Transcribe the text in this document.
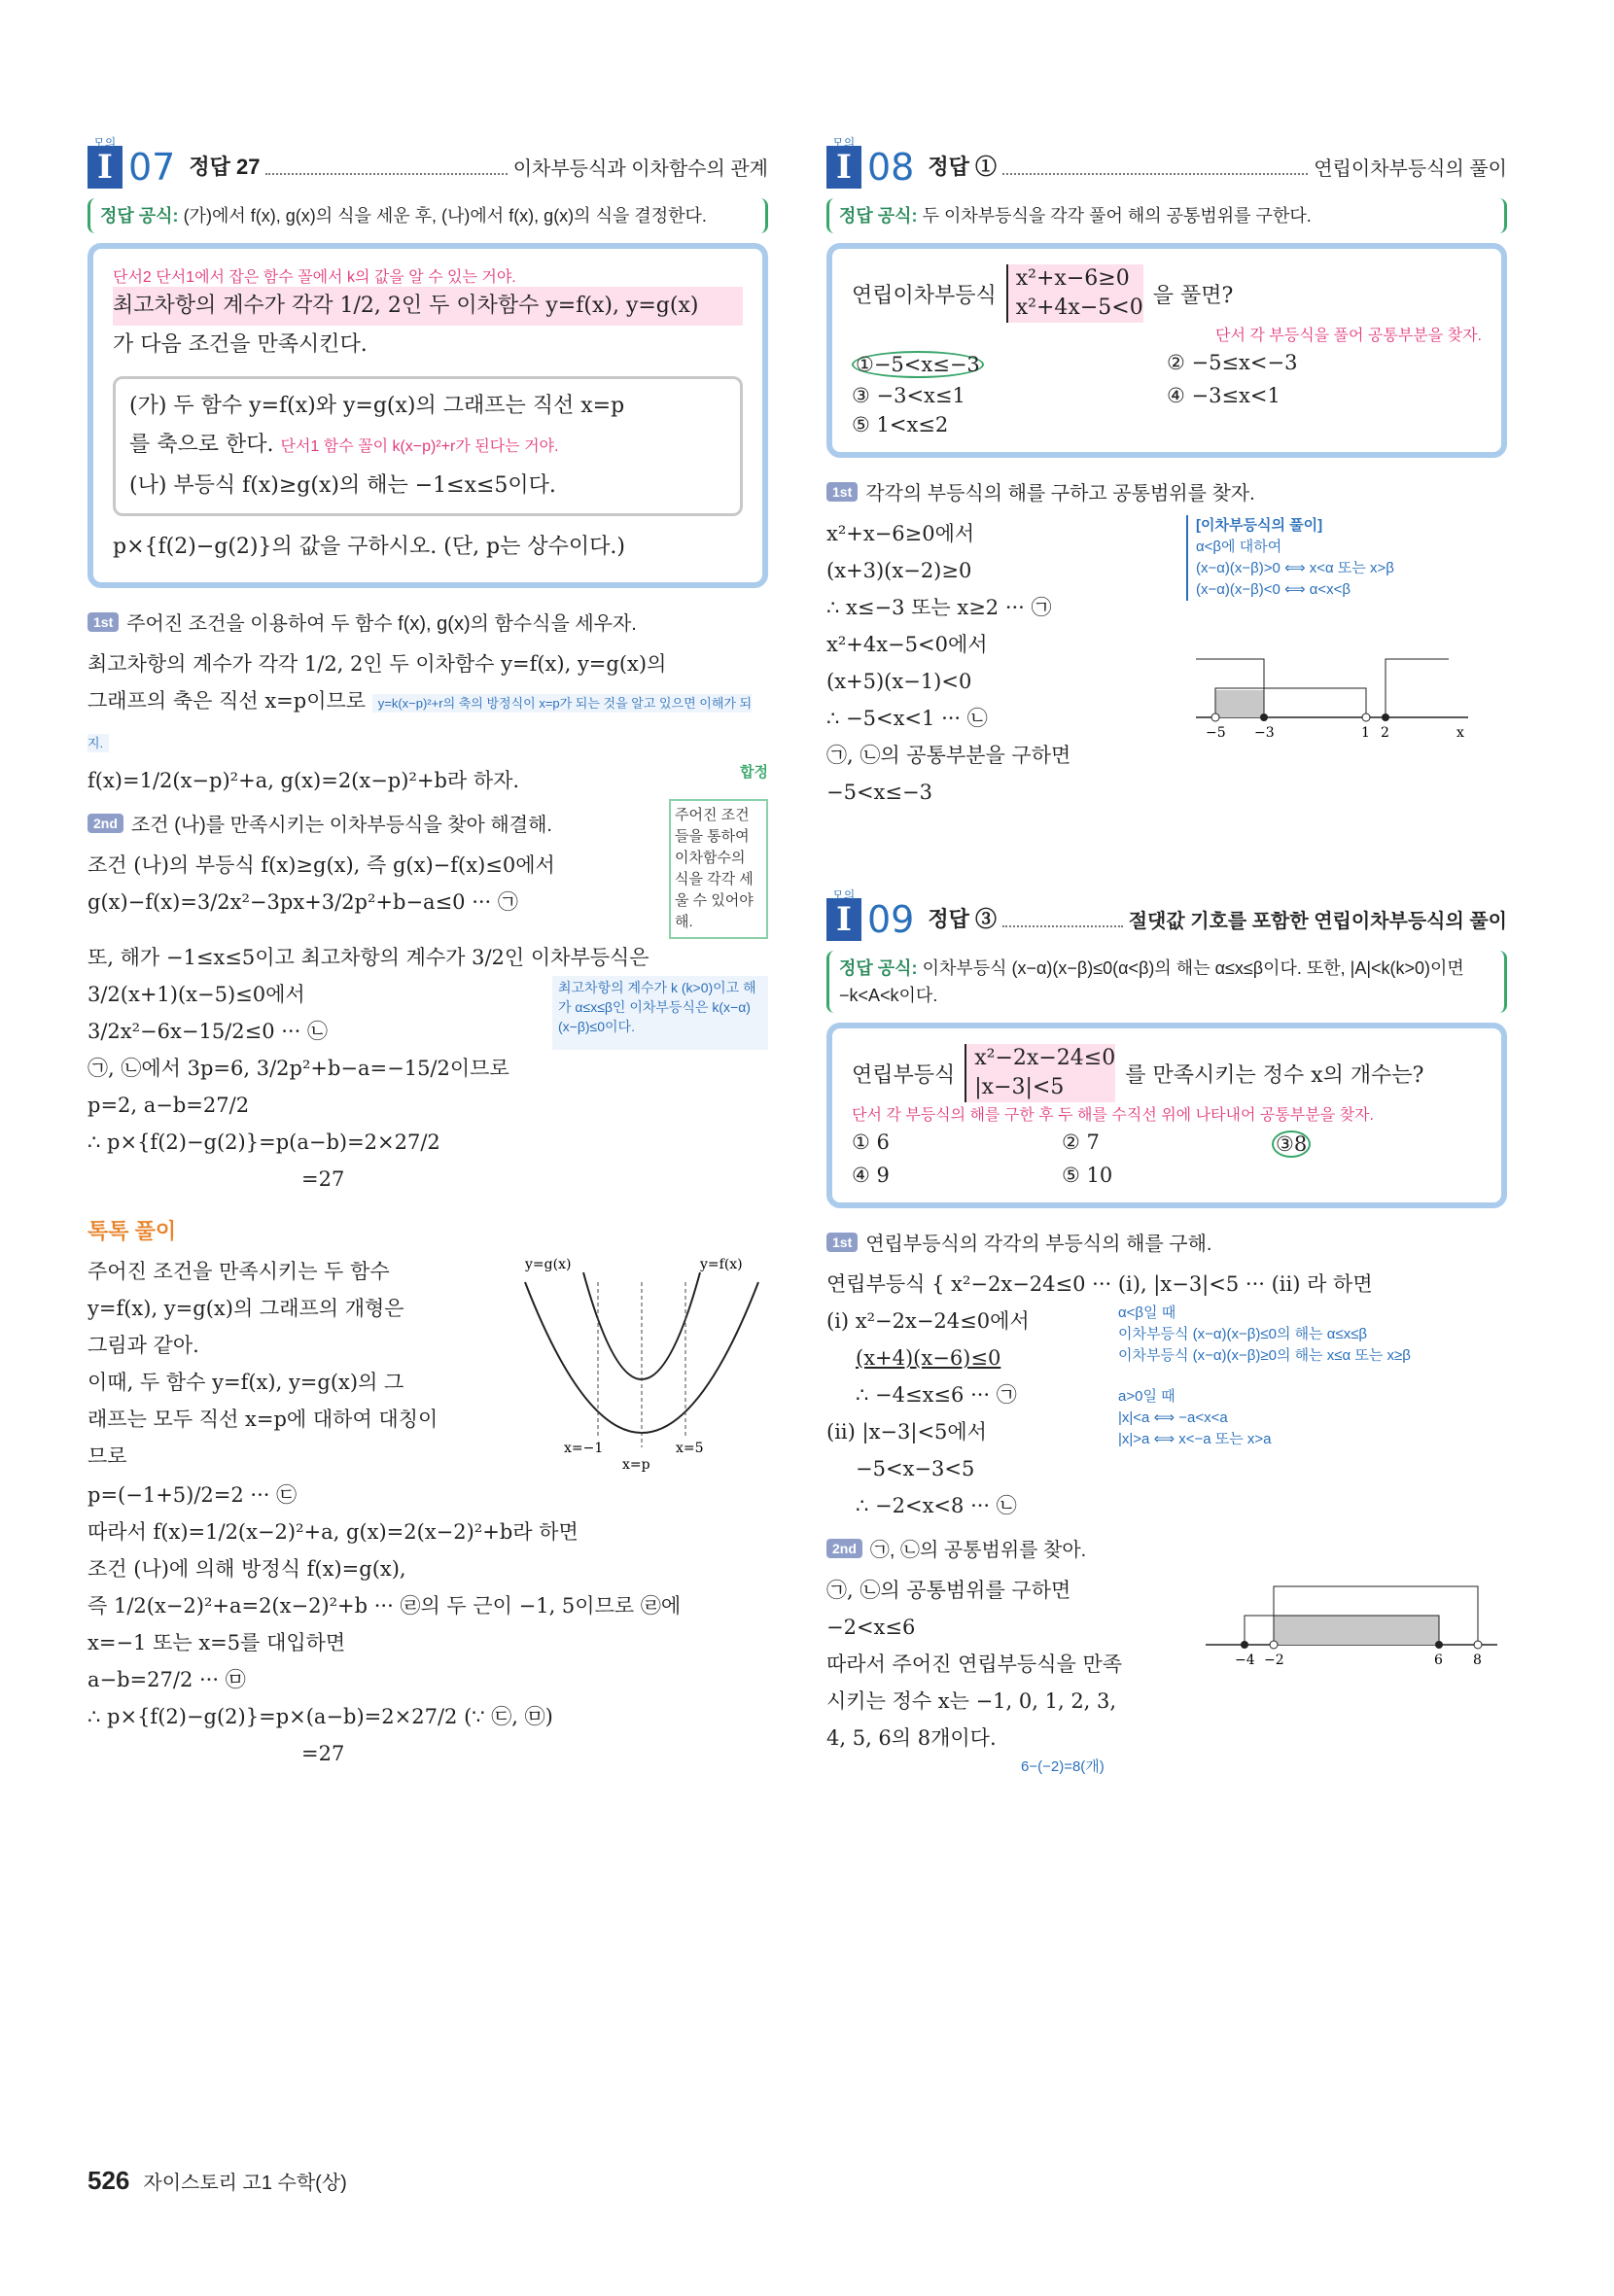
모의
I 07 정답 27	이차부등식과 이차함수의 관계
정답 공식: (가)에서 f(x), g(x)의 식을 세운 후, (나)에서 f(x), g(x)의 식을 결정한다.
단서2 단서1에서 잡은 함수 꼴에서 k의 값을 알 수 있는 거야.
최고차항의 계수가 각각 1/2, 2인 두 이차함수 y=f(x), y=g(x)
가 다음 조건을 만족시킨다.
(가) 두 함수 y=f(x)와 y=g(x)의 그래프는 직선 x=p
를 축으로 한다. 단서1 함수 꼴이 k(x−p)²+r가 된다는 거야.
(나) 부등식 f(x)≥g(x)의 해는 −1≤x≤5이다.
p×{f(2)−g(2)}의 값을 구하시오. (단, p는 상수이다.)
1st 주어진 조건을 이용하여 두 함수 f(x), g(x)의 함수식을 세우자.
최고차항의 계수가 각각 1/2, 2인 두 이차함수 y=f(x), y=g(x)의
그래프의 축은 직선 x=p이므로 y=k(x−p)²+r의 축의 방정식이 x=p가 되는 것을 알고 있으면 이해가 되지.
f(x)=1/2(x−p)²+a, g(x)=2(x−p)²+b라 하자.	합정
2nd 조건 (나)를 만족시키는 이차부등식을 찾아 해결해.
조건 (나)의 부등식 f(x)≥g(x), 즉 g(x)−f(x)≤0에서
g(x)−f(x)=3/2x²−3px+3/2p²+b−a≤0 ··· ㉠
주어진 조건들을 통하여 이차함수의 식을 각각 세울 수 있어야 해.
또, 해가 −1≤x≤5이고 최고차항의 계수가 3/2인 이차부등식은
3/2(x+1)(x−5)≤0에서
3/2x²−6x−15/2≤0 ··· ㉡
최고차항의 계수가 k (k>0)이고 해가 α≤x≤β인 이차부등식은 k(x−α)(x−β)≤0이다.
㉠, ㉡에서 3p=6, 3/2p²+b−a=−15/2이므로
p=2, a−b=27/2
∴ p×{f(2)−g(2)}=p(a−b)=2×27/2
=27
톡톡 풀이
주어진 조건을 만족시키는 두 함수
y=f(x), y=g(x)의 그래프의 개형은
그림과 같아.
이때, 두 함수 y=f(x), y=g(x)의 그
래프는 모두 직선 x=p에 대하여 대칭이
므로
y=g(x)	y=f(x)
x=−1
x=p
x=5
p=(−1+5)/2=2 ··· ㉢
따라서 f(x)=1/2(x−2)²+a, g(x)=2(x−2)²+b라 하면
조건 (나)에 의해 방정식 f(x)=g(x),
즉 1/2(x−2)²+a=2(x−2)²+b ··· ㉣의 두 근이 −1, 5이므로 ㉣에
x=−1 또는 x=5를 대입하면
a−b=27/2 ··· ㉤
∴ p×{f(2)−g(2)}=p×(a−b)=2×27/2 (∵ ㉢, ㉤)
=27
모의
I 08 정답 ①	연립이차부등식의 풀이
정답 공식: 두 이차부등식을 각각 풀어 해의 공통범위를 구한다.
연립이차부등식
x²+x−6≥0
x²+4x−5<0 을 풀면?
단서 각 부등식을 풀어 공통부분을 찾자.
①−5<x≤−3	② −5≤x<−3
③ −3<x≤1	④ −3≤x<1
⑤ 1<x≤2
1st 각각의 부등식의 해를 구하고 공통범위를 찾자.
x²+x−6≥0에서
(x+3)(x−2)≥0
∴ x≤−3 또는 x≥2 ··· ㉠
x²+4x−5<0에서
(x+5)(x−1)<0
∴ −5<x<1 ··· ㉡
㉠, ㉡의 공통부분을 구하면
−5<x≤−3
[이차부등식의 풀이]
α<β에 대하여
(x−α)(x−β)>0 ⟺ x<α 또는 x>β
(x−α)(x−β)<0 ⟺ α<x<β
−5 −3	1 2	x
모의
I 09 정답 ③	절댓값 기호를 포함한 연립이차부등식의 풀이
정답 공식: 이차부등식 (x−α)(x−β)≤0(α<β)의 해는 α≤x≤β이다. 또한, |A|<k(k>0)이면 −k<A<k이다.
연립부등식
x²−2x−24≤0
|x−3|<5	를 만족시키는 정수 x의 개수는?
단서 각 부등식의 해를 구한 후 두 해를 수직선 위에 나타내어 공통부분을 찾자.
① 6	② 7	③8
④ 9	⑤ 10
1st 연립부등식의 각각의 부등식의 해를 구해.
연립부등식 { x²−2x−24≤0 ··· (i), |x−3|<5 ··· (ii) 라 하면
(i) x²−2x−24≤0에서
(x+4)(x−6)≤0
∴ −4≤x≤6 ··· ㉠
(ii) |x−3|<5에서
−5<x−3<5
∴ −2<x<8 ··· ㉡
α<β일 때
이차부등식 (x−α)(x−β)≤0의 해는 α≤x≤β
이차부등식 (x−α)(x−β)≥0의 해는 x≤α 또는 x≥β
a>0일 때
|x|<a ⟺ −a<x<a
|x|>a ⟺ x<−a 또는 x>a
2nd ㉠, ㉡의 공통범위를 찾아.
㉠, ㉡의 공통범위를 구하면
−2<x≤6
따라서 주어진 연립부등식을 만족
시키는 정수 x는 −1, 0, 1, 2, 3,
4, 5, 6의 8개이다.
6−(−2)=8(개)
−4 −2	6 8
526 자이스토리 고1 수학(상)
